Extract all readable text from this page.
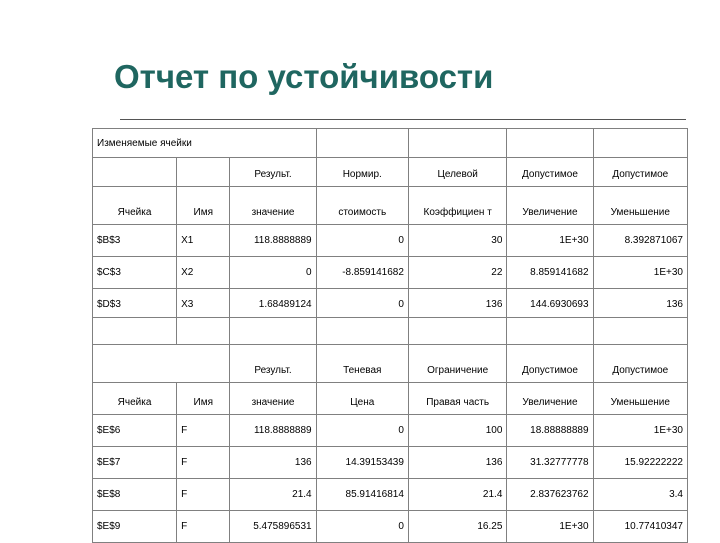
Отчет по устойчивости
Изменяемые ячейки						
		Результ.	Нормир.	Целевой	Допустимое	Допустимое
Ячейка	Имя	значение	стоимость	Коэффициен т	Увеличение	Уменьшение
$B$3	X1	118.8888889	0	30	1E+30	8.392871067
$C$3	X2	0	-8.859141682	22	8.859141682	1E+30
$D$3	X3	1.68489124	0	136	144.6930693	136

		Результ.	Теневая	Ограничение	Допустимое	Допустимое
Ячейка	Имя	значение	Цена	Правая часть	Увеличение	Уменьшение
$E$6	F	118.8888889	0	100	18.88888889	1E+30
$E$7	F	136	14.39153439	136	31.32777778	15.92222222
$E$8	F	21.4	85.91416814	21.4	2.837623762	3.4
$E$9	F	5.475896531	0	16.25	1E+30	10.77410347
